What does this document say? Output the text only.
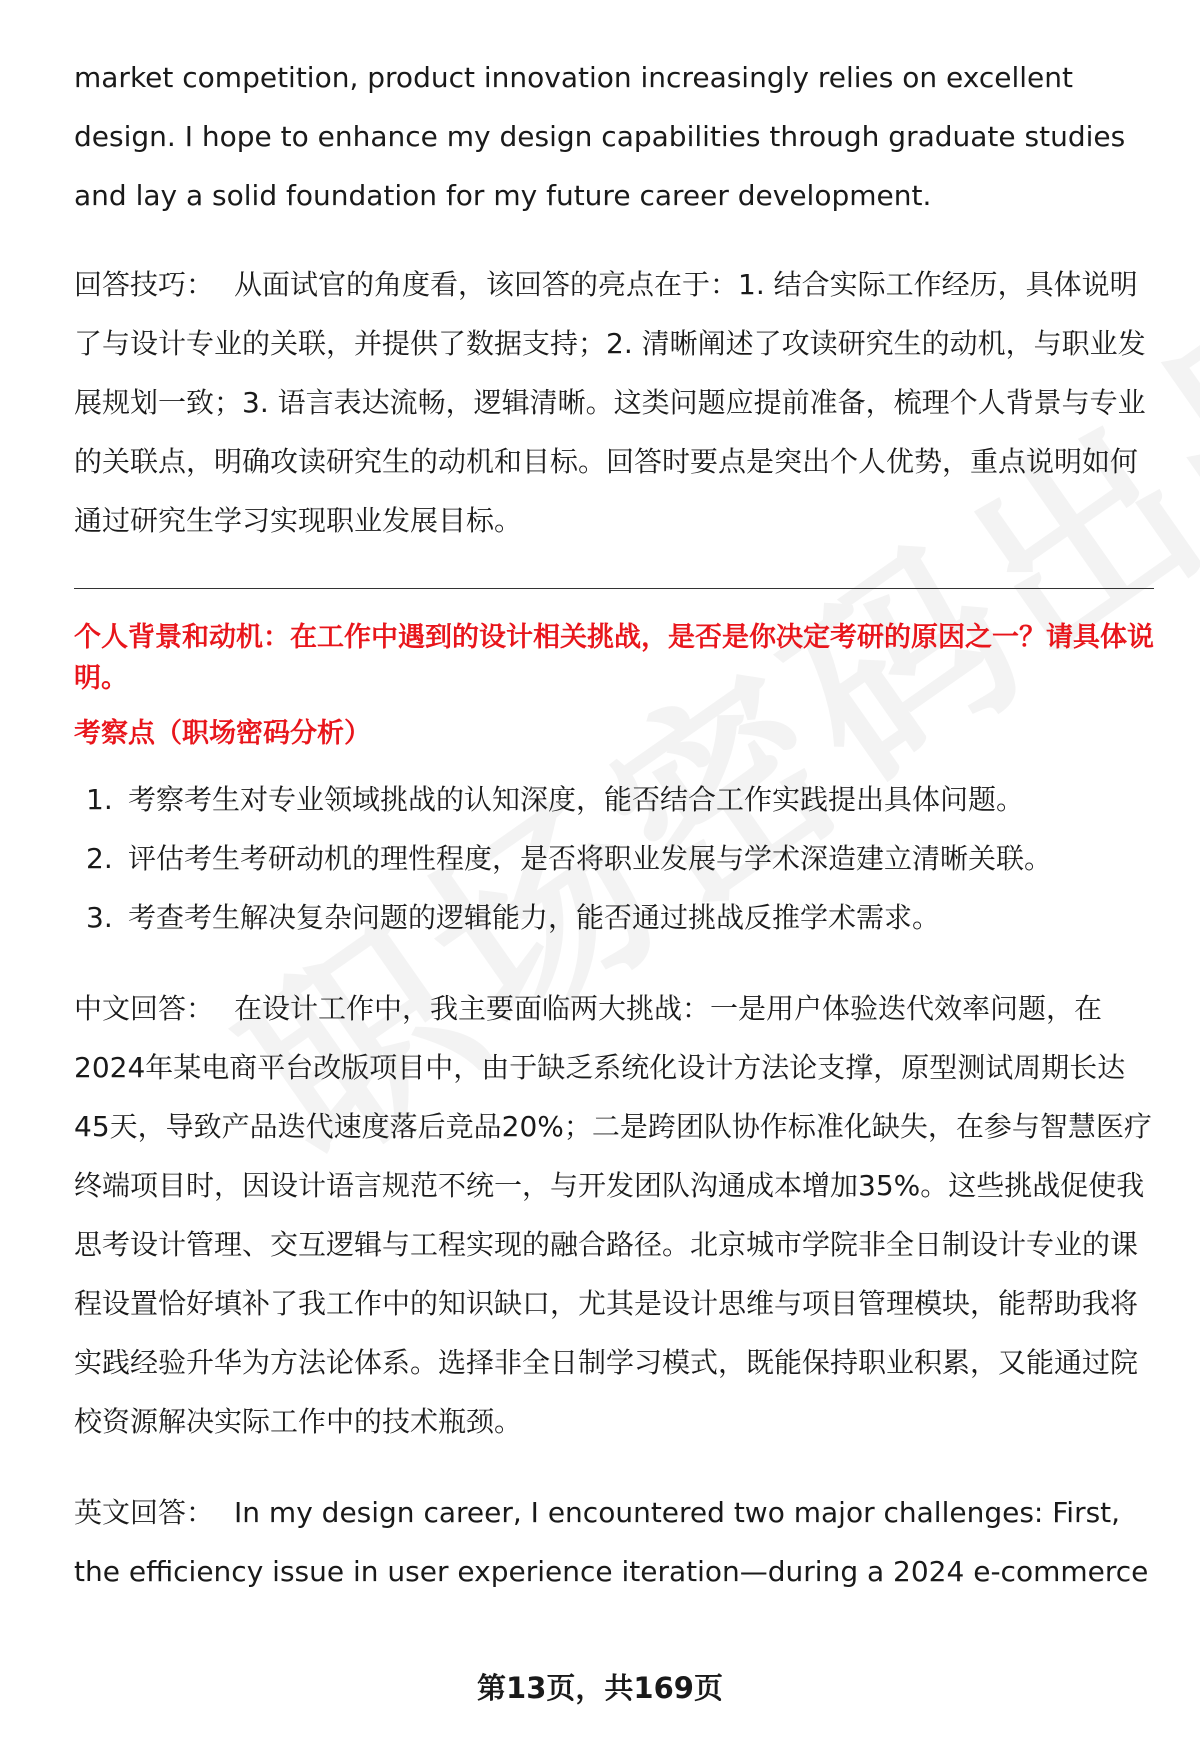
market competition, product innovation increasingly relies on excellent design. I hope to enhance my design capabilities through graduate studies and lay a solid foundation for my future career development.

回答技巧： 从面试官的角度看，该回答的亮点在于：1. 结合实际工作经历，具体说明了与设计专业的关联，并提供了数据支持；2. 清晰阐述了攻读研究生的动机，与职业发展规划一致；3. 语言表达流畅，逻辑清晰。这类问题应提前准备，梳理个人背景与专业的关联点，明确攻读研究生的动机和目标。回答时要点是突出个人优势，重点说明如何通过研究生学习实现职业发展目标。

个人背景和动机：在工作中遇到的设计相关挑战，是否是你决定考研的原因之一？请具体说明。

考察点（职场密码分析）

1. 考察考生对专业领域挑战的认知深度，能否结合工作实践提出具体问题。
2. 评估考生考研动机的理性程度，是否将职业发展与学术深造建立清晰关联。
3. 考查考生解决复杂问题的逻辑能力，能否通过挑战反推学术需求。

中文回答： 在设计工作中，我主要面临两大挑战：一是用户体验迭代效率问题，在2024年某电商平台改版项目中，由于缺乏系统化设计方法论支撑，原型测试周期长达45天，导致产品迭代速度落后竞品20%；二是跨团队协作标准化缺失，在参与智慧医疗终端项目时，因设计语言规范不统一，与开发团队沟通成本增加35%。这些挑战促使我思考设计管理、交互逻辑与工程实现的融合路径。北京城市学院非全日制设计专业的课程设置恰好填补了我工作中的知识缺口，尤其是设计思维与项目管理模块，能帮助我将实践经验升华为方法论体系。选择非全日制学习模式，既能保持职业积累，又能通过院校资源解决实际工作中的技术瓶颈。

英文回答： In my design career, I encountered two major challenges: First, the efficiency issue in user experience iteration—during a 2024 e-commerce

第13页，共169页
